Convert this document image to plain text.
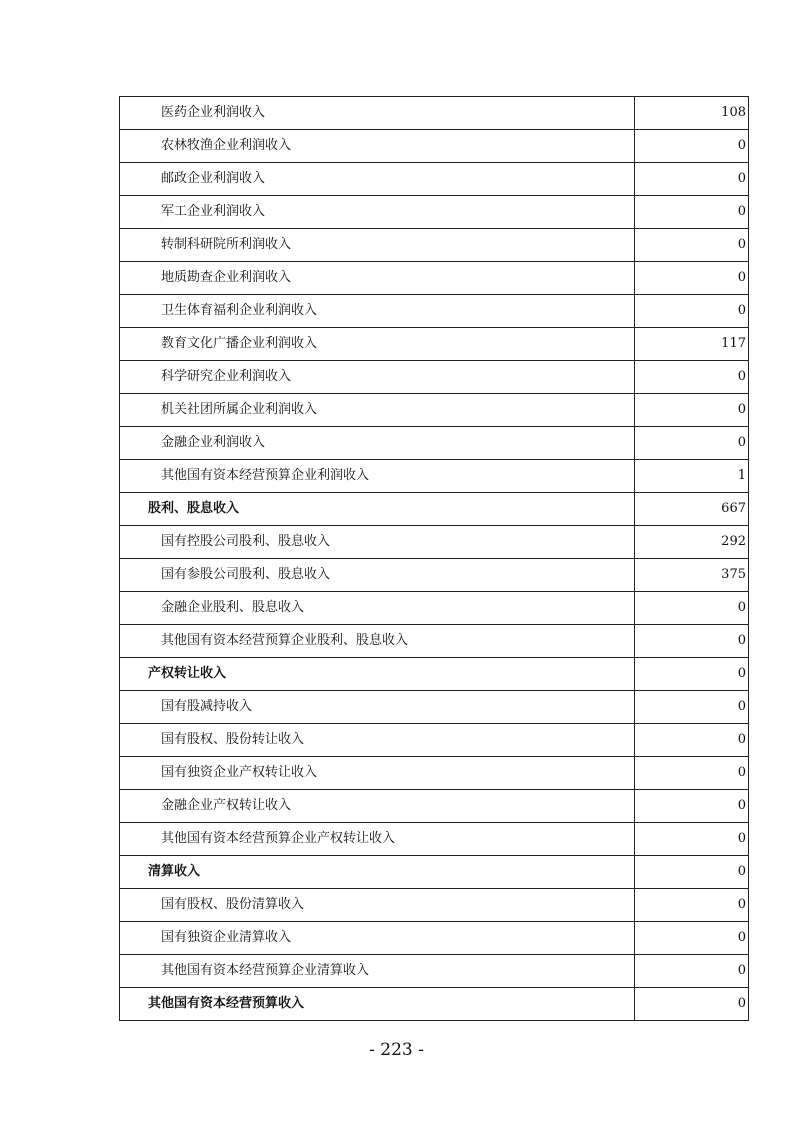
医药企业利润收入	108
农林牧渔企业利润收入	0
邮政企业利润收入	0
军工企业利润收入	0
转制科研院所利润收入	0
地质勘查企业利润收入	0
卫生体育福利企业利润收入	0
教育文化广播企业利润收入	117
科学研究企业利润收入	0
机关社团所属企业利润收入	0
金融企业利润收入	0
其他国有资本经营预算企业利润收入	1
股利、股息收入	667
国有控股公司股利、股息收入	292
国有参股公司股利、股息收入	375
金融企业股利、股息收入	0
其他国有资本经营预算企业股利、股息收入	0
产权转让收入	0
国有股减持收入	0
国有股权、股份转让收入	0
国有独资企业产权转让收入	0
金融企业产权转让收入	0
其他国有资本经营预算企业产权转让收入	0
清算收入	0
国有股权、股份清算收入	0
国有独资企业清算收入	0
其他国有资本经营预算企业清算收入	0
其他国有资本经营预算收入	0
- 223 -
